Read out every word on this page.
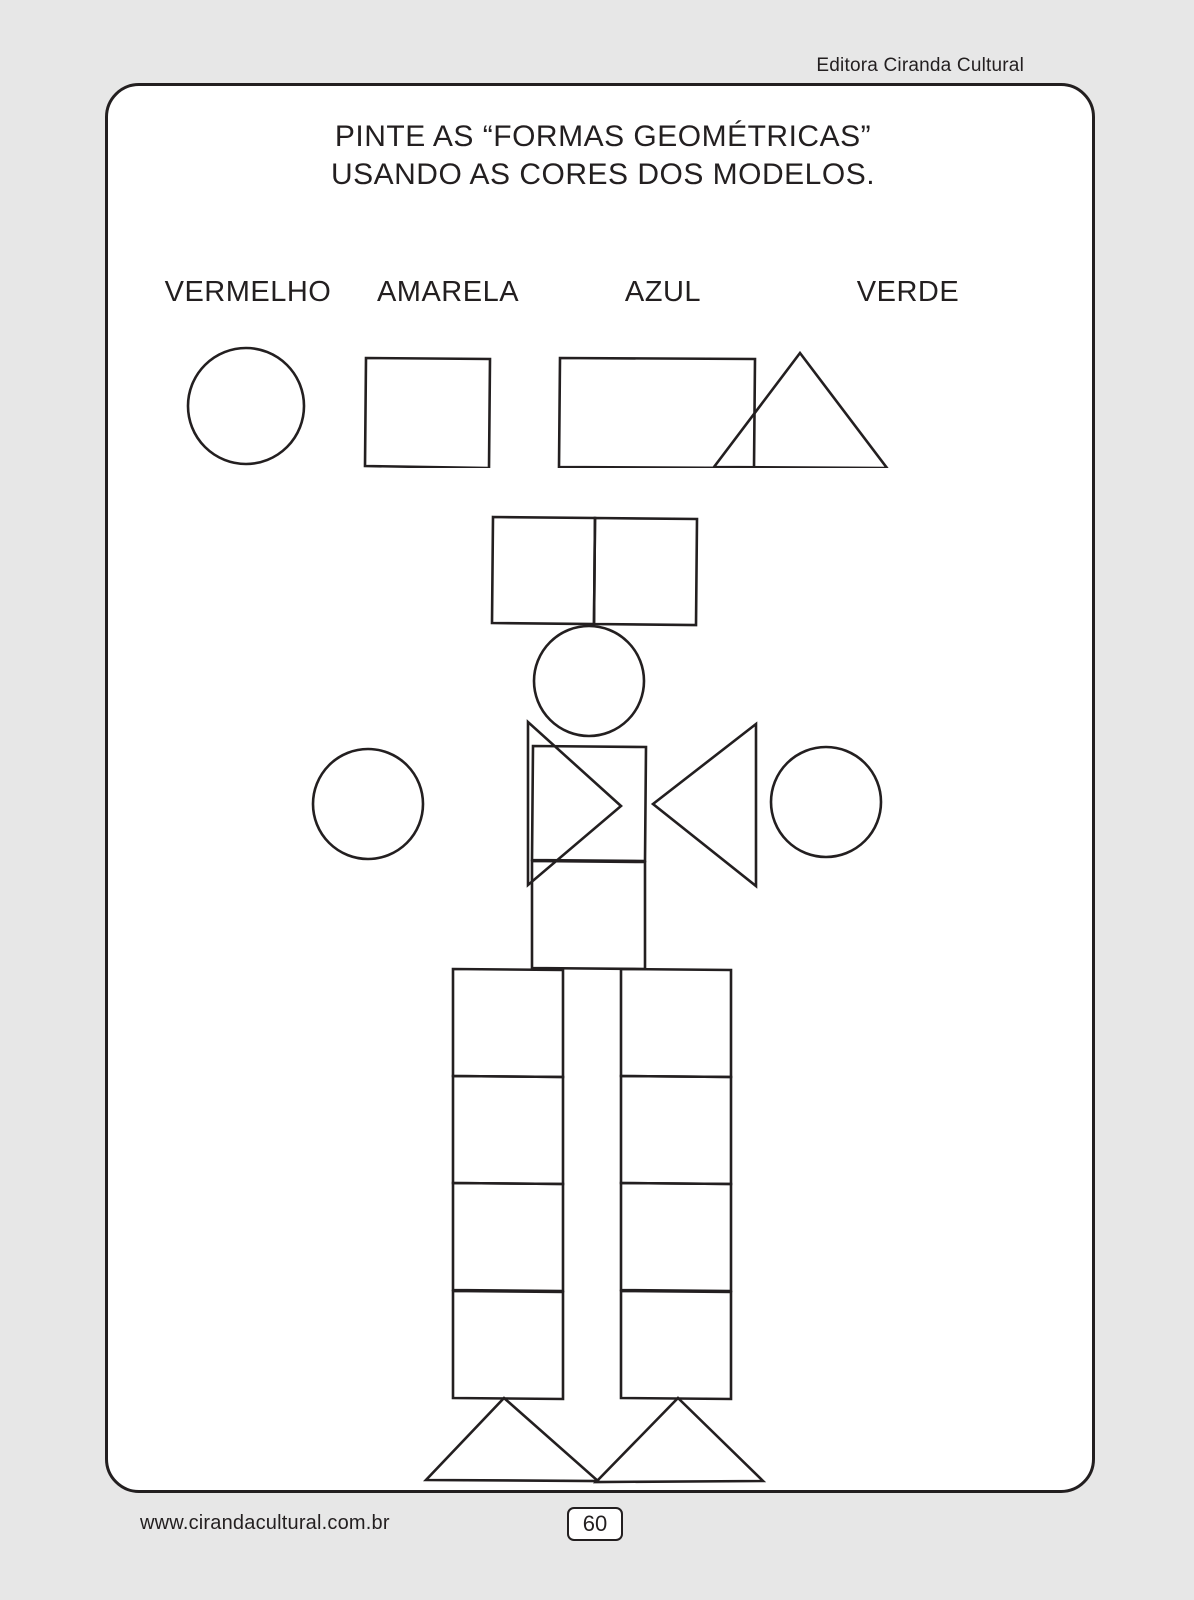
Editora Ciranda Cultural
PINTE AS “FORMAS GEOMÉTRICAS”
USANDO AS CORES DOS MODELOS.
VERMELHO	AMARELA	AZUL	VERDE
www.cirandacultural.com.br	60
